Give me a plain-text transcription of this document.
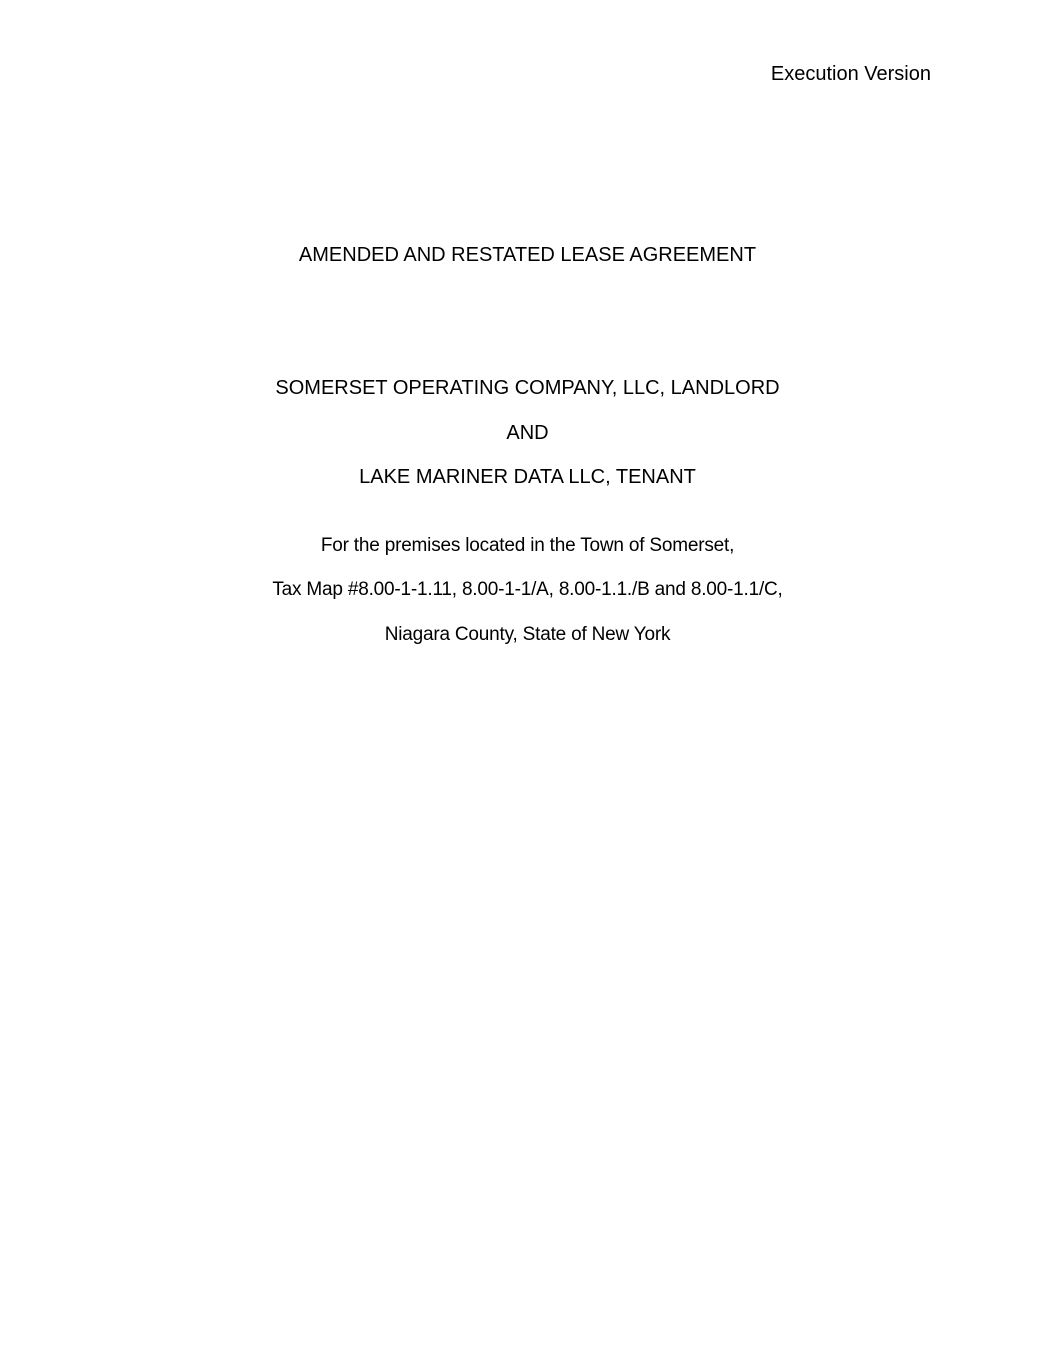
Execution Version
AMENDED AND RESTATED LEASE AGREEMENT
SOMERSET OPERATING COMPANY, LLC, LANDLORD
AND
LAKE MARINER DATA LLC, TENANT
For the premises located in the Town of Somerset,
Tax Map #8.00-1-1.11, 8.00-1-1/A, 8.00-1.1./B and 8.00-1.1/C,
Niagara County, State of New York
